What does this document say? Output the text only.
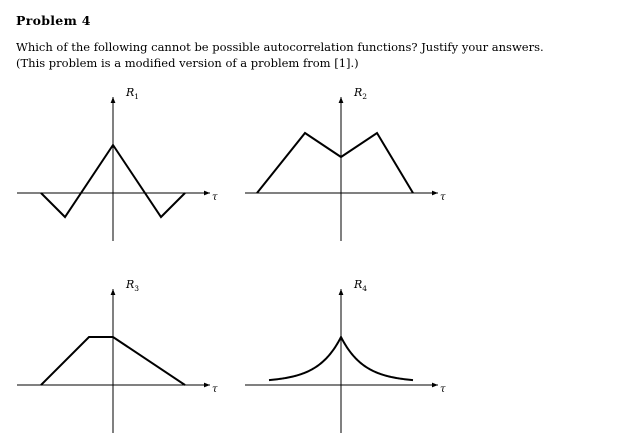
Problem 4
Which of the following cannot be possible autocorrelation functions? Justify your answers.
(This problem is a modified version of a problem from [1].)
$R_1$
τ
$R_2$
τ
$R_3$
τ
$R_4$
τ
